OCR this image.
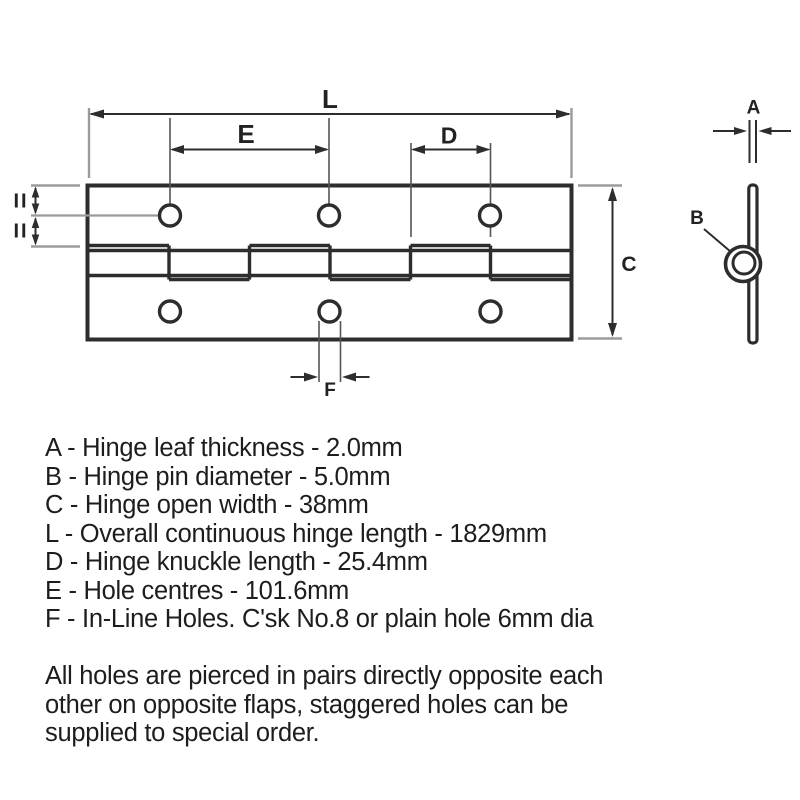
L
E	D
C
F
II
II
A
B
A - Hinge leaf thickness - 2.0mm
B - Hinge pin diameter - 5.0mm
C - Hinge open width - 38mm
L - Overall continuous hinge length - 1829mm
D - Hinge knuckle length - 25.4mm
E - Hole centres - 101.6mm
F - In-Line Holes. C'sk No.8 or plain hole 6mm dia
All holes are pierced in pairs directly opposite each
other on opposite flaps, staggered holes can be
supplied to special order.
